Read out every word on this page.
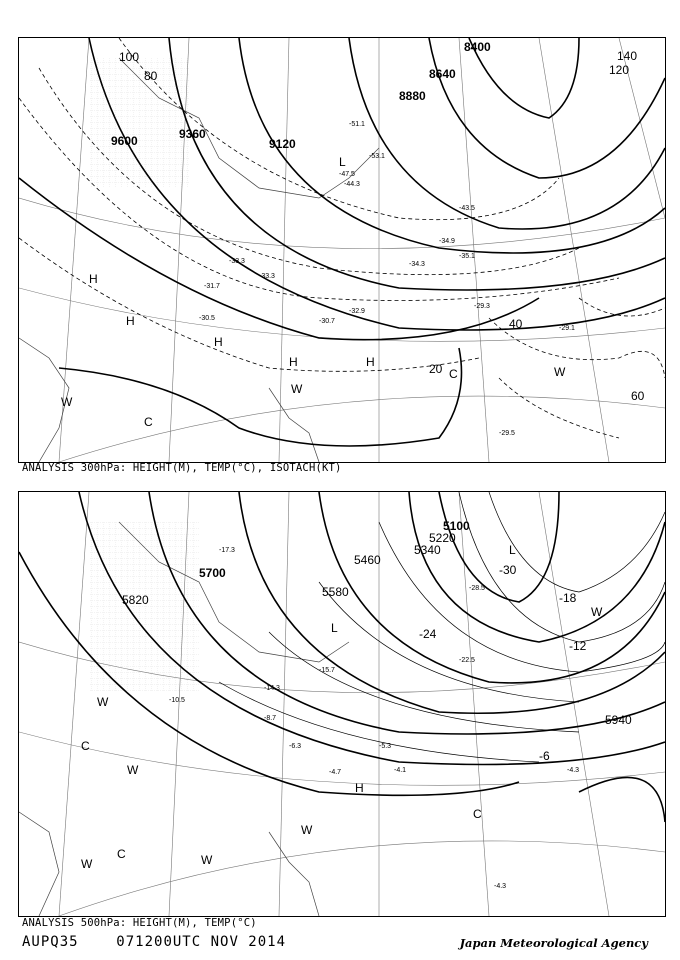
8400
8640
8880
9120
9360
9600
100
80
140
120
40
20
60
H
H
H
H	H
L
C
C
W
W
W
-51.1
-53.1
-47.5
-44.3
-43.5
-34.9
-34.3
-35.1
-33.3
-33.3
-31.7
-30.7
-32.9
-30.5
-29.3
-29.5
-29.1
ANALYSIS 300hPa: HEIGHT(M), TEMP(°C), ISOTACH(KT)
5100
5220
5340
5460
5580
5700
5820
5940
-30
-24
-18
-12
-6
L
L
W
W
W
W
W	W
H
C
C
C
-28.5
-22.5
-17.3
-15.7
-14.3
-10.5
-8.7
-6.3	-5.3
-4.7	-4.3
-4.1
-4.3
ANALYSIS 500hPa: HEIGHT(M), TEMP(°C)
AUPQ35	071200UTC NOV 2014	Japan Meteorological Agency
